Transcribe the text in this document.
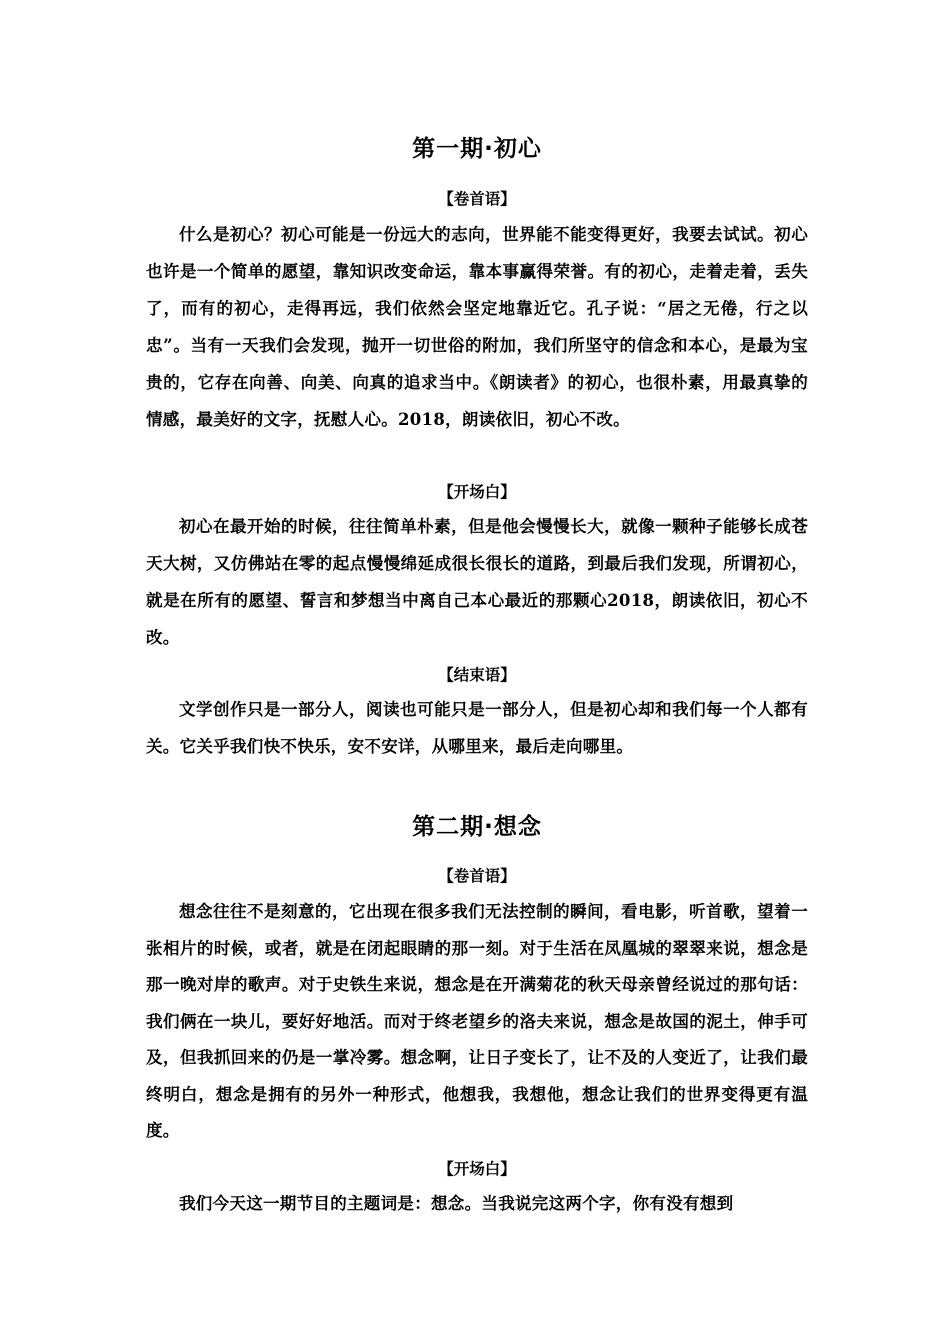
第一期·初心
【卷首语】

什么是初心？初心可能是一份远大的志向，世界能不能变得更好，我要去试试。初心也许是一个简单的愿望，靠知识改变命运，靠本事赢得荣誉。有的初心，走着走着，丢失了，而有的初心，走得再远，我们依然会坚定地靠近它。孔子说：“居之无倦，行之以忠”。当有一天我们会发现，抛开一切世俗的附加，我们所坚守的信念和本心，是最为宝贵的，它存在向善、向美、向真的追求当中。《朗读者》的初心，也很朴素，用最真挚的情感，最美好的文字，抚慰人心。2018，朗读依旧，初心不改。

【开场白】

初心在最开始的时候，往往简单朴素，但是他会慢慢长大，就像一颗种子能够长成苍天大树，又仿佛站在零的起点慢慢绵延成很长很长的道路，到最后我们发现，所谓初心，就是在所有的愿望、誓言和梦想当中离自己本心最近的那颗心2018，朗读依旧，初心不改。

【结束语】

文学创作只是一部分人，阅读也可能只是一部分人，但是初心却和我们每一个人都有关。它关乎我们快不快乐，安不安详，从哪里来，最后走向哪里。

第二期·想念
【卷首语】

想念往往不是刻意的，它出现在很多我们无法控制的瞬间，看电影，听首歌，望着一张相片的时候，或者，就是在闭起眼睛的那一刻。对于生活在凤凰城的翠翠来说，想念是那一晚对岸的歌声。对于史铁生来说，想念是在开满菊花的秋天母亲曾经说过的那句话：我们俩在一块儿，要好好地活。而对于终老望乡的洛夫来说，想念是故国的泥土，伸手可及，但我抓回来的仍是一掌冷雾。想念啊，让日子变长了，让不及的人变近了，让我们最终明白，想念是拥有的另外一种形式，他想我，我想他，想念让我们的世界变得更有温度。

【开场白】

我们今天这一期节目的主题词是：想念。当我说完这两个字，你有没有想到
